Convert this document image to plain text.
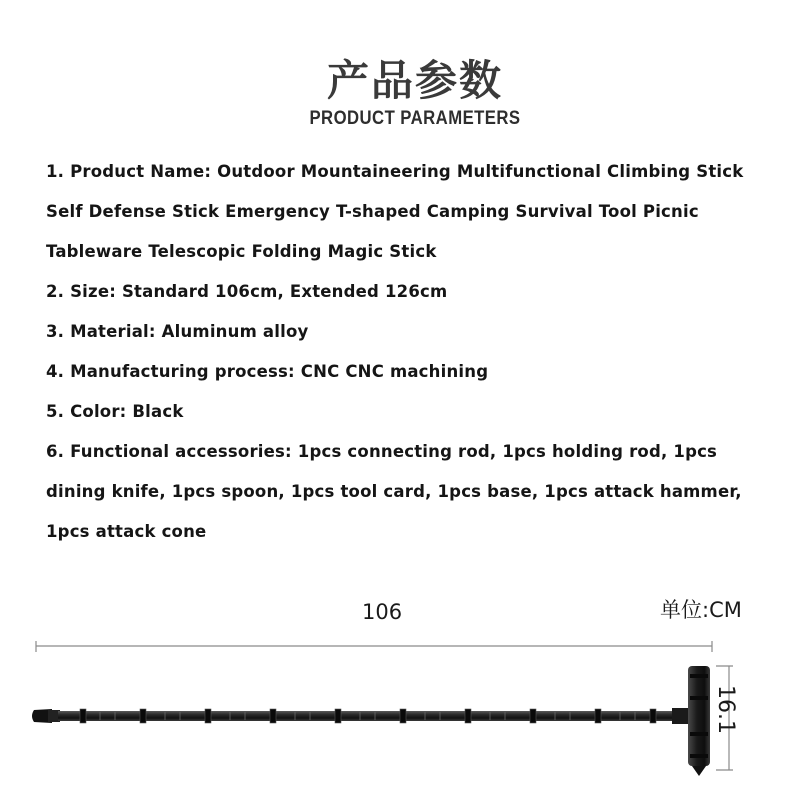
产品参数
PRODUCT PARAMETERS
1. Product Name: Outdoor Mountaineering Multifunctional Climbing Stick
Self Defense Stick Emergency T-shaped Camping Survival Tool Picnic
Tableware Telescopic Folding Magic Stick
2. Size: Standard 106cm, Extended 126cm
3. Material: Aluminum alloy
4. Manufacturing process: CNC CNC machining
5. Color: Black
6. Functional accessories: 1pcs connecting rod, 1pcs holding rod, 1pcs
dining knife, 1pcs spoon, 1pcs tool card, 1pcs base, 1pcs attack hammer,
1pcs attack cone
106	单位:CM
16.1
